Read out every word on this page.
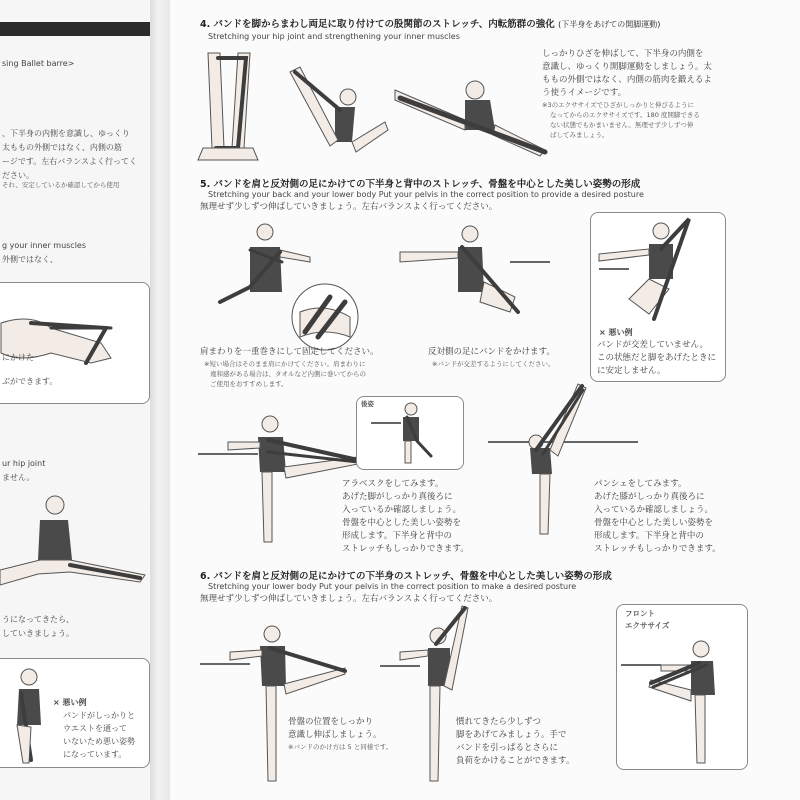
sing Ballet barre>
、下半身の内側を意識し、ゆっくり
太ももの外側ではなく、内側の筋
ージです。左右バランスよく行ってく
ださい。
それ、安定しているか確認してから使用
g your inner muscles
外側ではなく、
にかけた
ぶができます。
ur hip joint
ません。
うになってきたら、
していきましょう。
× 悪い例
パンドがしっかりと
ウエストを通って
いないため悪い姿勢
になっています。
4. バンドを脚からまわし両足に取り付けての股関節のストレッチ、内転筋群の強化 (下半身をあげての開脚運動)
Stretching your hip joint and strengthening your inner muscles
しっかりひざを伸ばして、下半身の内側を
意識し、ゆっくり開脚運動をしましょう。太
ももの外側ではなく、内側の筋肉を鍛えるよ
う使うイメージです。
※3のエクササイズでひざがしっかりと伸びるように
なってからのエクササイズです。180 度開脚できる
ない状態でもかまいません。無理せず少しずつ伸
ばしてみましょう。
5. バンドを肩と反対側の足にかけての下半身と背中のストレッチ、骨盤を中心とした美しい姿勢の形成
Stretching your back and your lower body Put your pelvis in the correct position to provide a desired posture
無理せず少しずつ伸ばしていきましょう。左右バランスよく行ってください。
肩まわりを一重巻きにして固定してください。
※短い場合はそのまま肩にかけてください。肩まわりに
違和感がある場合は、タオルなど内側に巻いてからの
ご使用をおすすめします。
反対側の足にバンドをかけます。
※バンドが交差するようにしてください。
× 悪い例
バンドが交差していません。
この状態だと脚をあげたときに
に安定しません。
後姿
アラベスクをしてみます。
あげた脚がしっかり真後ろに
入っているか確認しましょう。
骨盤を中心とした美しい姿勢を
形成します。下半身と背中の
ストレッチもしっかりできます。
パンシェをしてみます。
あげた膝がしっかり真後ろに
入っているか確認しましょう。
骨盤を中心とした美しい姿勢を
形成します。下半身と背中の
ストレッチもしっかりできます。
6. バンドを肩と反対側の足にかけての下半身のストレッチ、骨盤を中心とした美しい姿勢の形成
Stretching your lower body Put your pelvis in the correct position to make a desired posture
無理せず少しずつ伸ばしていきましょう。左右バランスよく行ってください。
骨盤の位置をしっかり
意識し伸ばしましょう。
※バンドのかけ方は 5 と同様です。
慣れてきたら少しずつ
脚をあげてみましょう。手で
バンドを引っぱるとさらに
負荷をかけることができます。
フロント
エクササイズ
